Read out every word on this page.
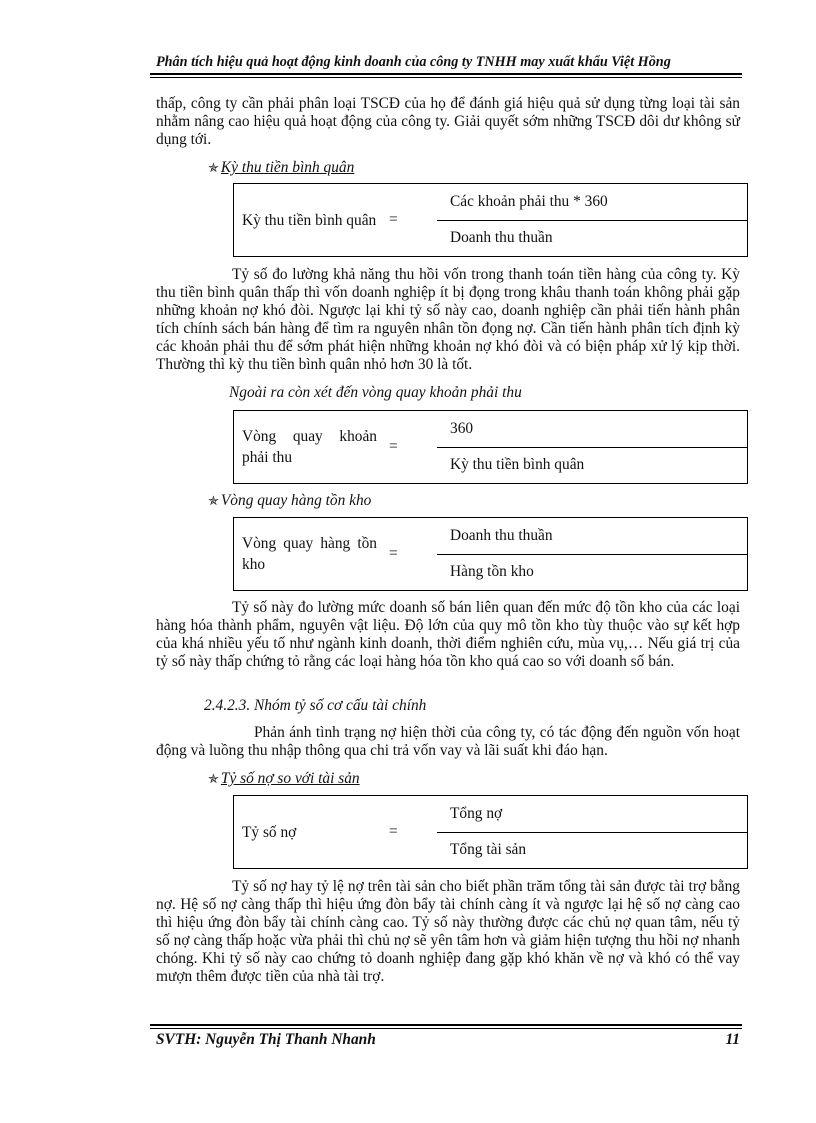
Phân tích hiệu quả hoạt động kinh doanh của công ty TNHH may xuất khẩu Việt Hồng

thấp, công ty cần phải phân loại TSCĐ của họ để đánh giá hiệu quả sử dụng từng loại tài sản nhằm nâng cao hiệu quả hoạt động của công ty. Giải quyết sớm những TSCĐ dôi dư không sử dụng tới.

✯ Kỳ thu tiền bình quân
Kỳ thu tiền bình quân =
Các khoản phải thu * 360
Doanh thu thuần

Tỷ số đo lường khả năng thu hồi vốn trong thanh toán tiền hàng của công ty. Kỳ thu tiền bình quân thấp thì vốn doanh nghiệp ít bị đọng trong khâu thanh toán không phải gặp những khoản nợ khó đòi. Ngược lại khi tỷ số này cao, doanh nghiệp cần phải tiến hành phân tích chính sách bán hàng để tìm ra nguyên nhân tồn đọng nợ. Cần tiến hành phân tích định kỳ các khoản phải thu để sớm phát hiện những khoản nợ khó đòi và có biện pháp xử lý kịp thời. Thường thì kỳ thu tiền bình quân nhỏ hơn 30 là tốt.

Ngoài ra còn xét đến vòng quay khoản phải thu
Vòng quay khoản phải thu
=
360
Kỳ thu tiền bình quân
✯ Vòng quay hàng tồn kho
Vòng quay hàng tồn kho
=
Doanh thu thuần
Hàng tồn kho

Tỷ số này đo lường mức doanh số bán liên quan đến mức độ tồn kho của các loại hàng hóa thành phẩm, nguyên vật liệu. Độ lớn của quy mô tồn kho tùy thuộc vào sự kết hợp của khá nhiều yếu tố như ngành kinh doanh, thời điểm nghiên cứu, mùa vụ,… Nếu giá trị của tỷ số này thấp chứng tỏ rằng các loại hàng hóa tồn kho quá cao so với doanh số bán.

2.4.2.3. Nhóm tỷ số cơ cấu tài chính

Phản ánh tình trạng nợ hiện thời của công ty, có tác động đến nguồn vốn hoạt động và luồng thu nhập thông qua chi trả vốn vay và lãi suất khi đáo hạn.

✯ Tỷ số nợ so với tài sản
Tỷ số nợ	=
Tổng nợ
Tổng tài sản

Tỷ số nợ hay tỷ lệ nợ trên tài sản cho biết phần trăm tổng tài sản được tài trợ bằng nợ. Hệ số nợ càng thấp thì hiệu ứng đòn bẩy tài chính càng ít và ngược lại hệ số nợ càng cao thì hiệu ứng đòn bẩy tài chính càng cao. Tỷ số này thường được các chủ nợ quan tâm, nếu tỷ số nợ càng thấp hoặc vừa phải thì chủ nợ sẽ yên tâm hơn và giảm hiện tượng thu hồi nợ nhanh chóng. Khi tỷ số này cao chứng tỏ doanh nghiệp đang gặp khó khăn về nợ và khó có thể vay mượn thêm được tiền của nhà tài trợ.

SVTH: Nguyễn Thị Thanh Nhanh	11
